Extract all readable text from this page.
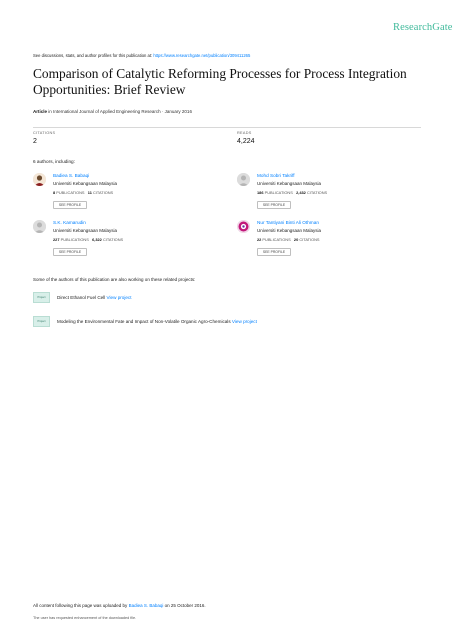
ResearchGate
See discussions, stats, and author profiles for this publication at: https://www.researchgate.net/publication/309411265
Comparison of Catalytic Reforming Processes for Process Integration Opportunities: Brief Review
Article in International Journal of Applied Engineering Research · January 2016
CITATIONS
2
READS
4,224
6 authors, including:
Badiea S. Babaqi
Universiti Kebangsaan Malaysia
8 PUBLICATIONS 11 CITATIONS
SEE PROFILE
Mohd Sobri Takriff
Universiti Kebangsaan Malaysia
186 PUBLICATIONS 2,432 CITATIONS
SEE PROFILE
S.K. Kamarudin
Universiti Kebangsaan Malaysia
227 PUBLICATIONS 6,322 CITATIONS
SEE PROFILE
Nur Tantiyani Binti Ali Othman
Universiti Kebangsaan Malaysia
22 PUBLICATIONS 20 CITATIONS
SEE PROFILE
Some of the authors of this publication are also working on these related projects:
Project	Direct Ethanol Fuel Cell View project
Project	Modeling the Environmental Fate and Impact of Non-Volatile Organic Agro-Chemicals View project
All content following this page was uploaded by Badiea S. Babaqi on 25 October 2016.
The user has requested enhancement of the downloaded file.
